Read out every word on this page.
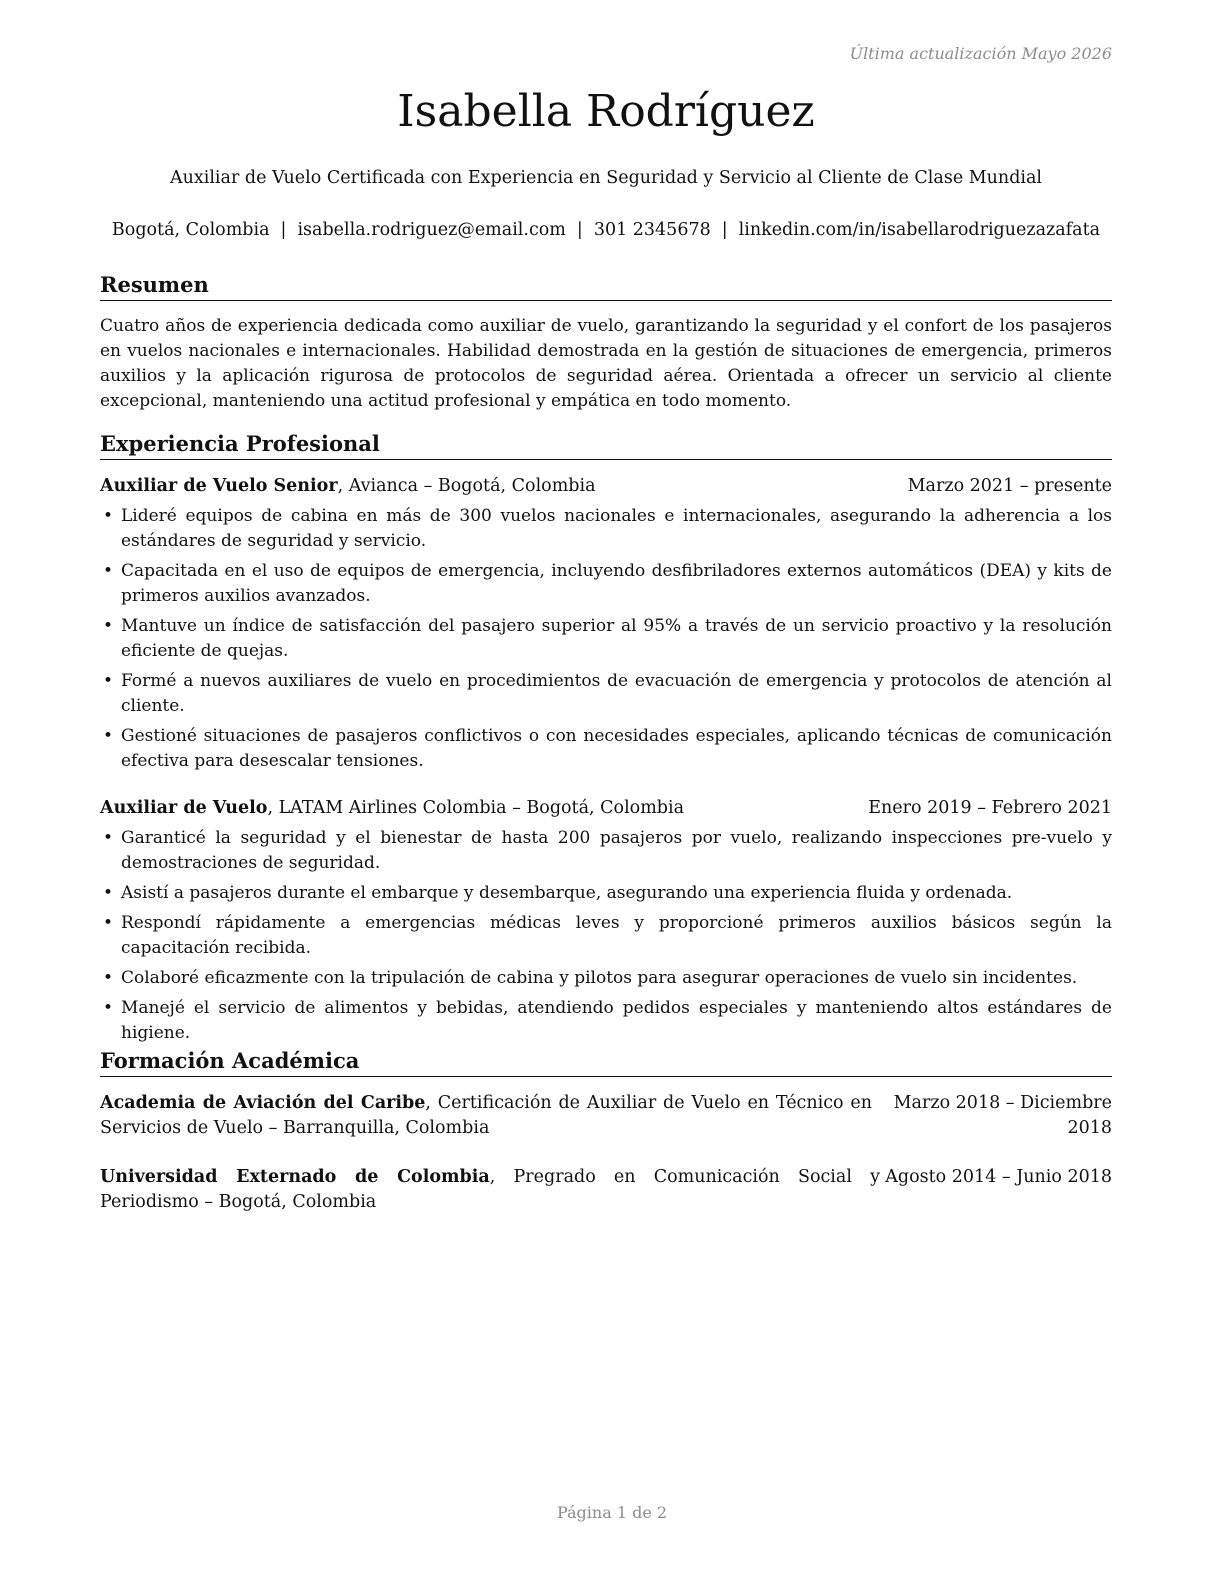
Última actualización Mayo 2026
Isabella Rodríguez

Auxiliar de Vuelo Certificada con Experiencia en Seguridad y Servicio al Cliente de Clase Mundial

Bogotá, Colombia | isabella.rodriguez@email.com | 301 2345678 | linkedin.com/in/isabellarodriguezazafata
Resumen

Cuatro años de experiencia dedicada como auxiliar de vuelo, garantizando la seguridad y el confort de los pasajeros en vuelos nacionales e internacionales. Habilidad demostrada en la gestión de situaciones de emergencia, primeros auxilios y la aplicación rigurosa de protocolos de seguridad aérea. Orientada a ofrecer un servicio al cliente excepcional, manteniendo una actitud profesional y empática en todo momento.

Experiencia Profesional
Auxiliar de Vuelo Senior, Avianca – Bogotá, Colombia	Marzo 2021 – presente
• Lideré equipos de cabina en más de 300 vuelos nacionales e internacionales, asegurando la adherencia a los estándares de seguridad y servicio.
• Capacitada en el uso de equipos de emergencia, incluyendo desfibriladores externos automáticos (DEA) y kits de primeros auxilios avanzados.
• Mantuve un índice de satisfacción del pasajero superior al 95% a través de un servicio proactivo y la resolución eficiente de quejas.
• Formé a nuevos auxiliares de vuelo en procedimientos de evacuación de emergencia y protocolos de atención al cliente.
• Gestioné situaciones de pasajeros conflictivos o con necesidades especiales, aplicando técnicas de comunicación efectiva para desescalar tensiones.
Auxiliar de Vuelo, LATAM Airlines Colombia – Bogotá, Colombia	Enero 2019 – Febrero 2021
• Garanticé la seguridad y el bienestar de hasta 200 pasajeros por vuelo, realizando inspecciones pre-vuelo y demostraciones de seguridad.
• Asistí a pasajeros durante el embarque y desembarque, asegurando una experiencia fluida y ordenada.
• Respondí rápidamente a emergencias médicas leves y proporcioné primeros auxilios básicos según la capacitación recibida.
• Colaboré eficazmente con la tripulación de cabina y pilotos para asegurar operaciones de vuelo sin incidentes.
• Manejé el servicio de alimentos y bebidas, atendiendo pedidos especiales y manteniendo altos estándares de higiene.
Formación Académica
Academia de Aviación del Caribe, Certificación de Auxiliar de Vuelo en Técnico en Servicios de Vuelo – Barranquilla, Colombia
Marzo 2018 – Diciembre 2018
Universidad Externado de Colombia, Pregrado en Comunicación Social y Periodismo – Bogotá, Colombia
Agosto 2014 – Junio 2018
Página 1 de 2
